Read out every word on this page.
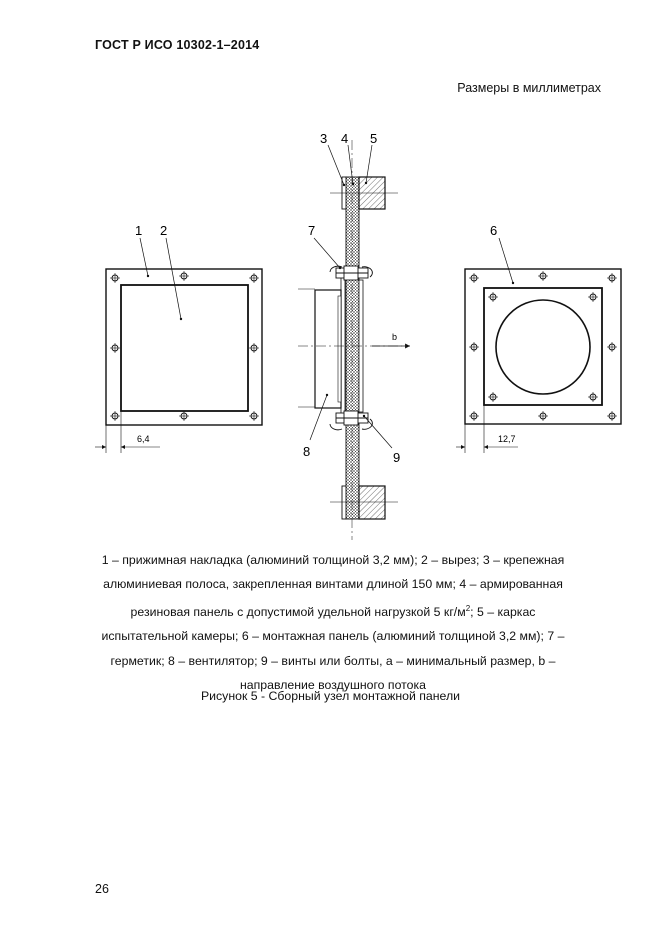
ГОСТ Р ИСО 10302-1–2014
Размеры в миллиметрах
1 2
6,4
b
3 4 5
7
8	9
6
12,7

1 – прижимная накладка (алюминий толщиной 3,2 мм); 2 – вырез; 3 – крепежная алюминиевая полоса, закрепленная винтами длиной 150 мм; 4 – армированная резиновая панель с допустимой удельной нагрузкой 5 $кг/м^2$; 5 – каркас испытательной камеры; 6 – монтажная панель (алюминий толщиной 3,2 мм); 7 – герметик; 8 – вентилятор; 9 – винты или болты, a – минимальный размер, b – направление воздушного потока

Рисунок 5 - Сборный узел монтажной панели
26
